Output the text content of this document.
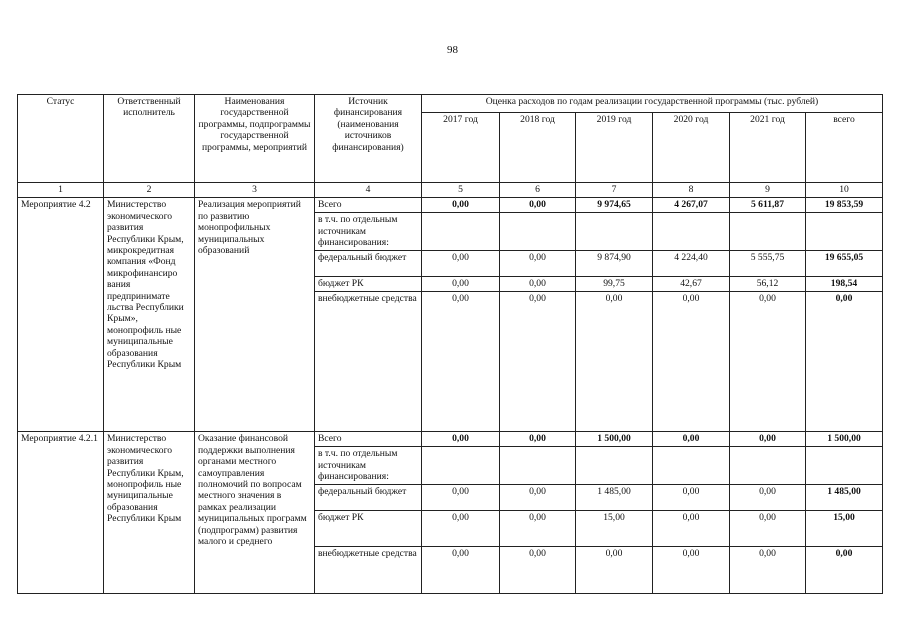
98
Статус	Ответственный исполнитель	Наименования государственной программы, подпрограммы государственной программы, мероприятий	Источник финансирования (наименования источников финансирования)	Оценка расходов по годам реализации государственной программы (тыс. рублей)					
				2017 год	2018 год	2019 год	2020 год	2021 год	всего
1	2	3	4	5	6	7	8	9	10
Мероприятие 4.2	Министерство экономического развития Республики Крым, микрокредитная компания «Фонд микрофинансиро вания предпринимате льства Республики Крым», монопрофиль ные муниципальные образования Республики Крым	Реализация мероприятий по развитию монопрофильных муниципальных образований	Всего	0,00	0,00	9 974,65	4 267,07	5 611,87	19 853,59
			в т.ч. по отдельным источникам финансирования:						
			федеральный бюджет	0,00	0,00	9 874,90	4 224,40	5 555,75	19 655,05
			бюджет РК	0,00	0,00	99,75	42,67	56,12	198,54
			внебюджетные средства	0,00	0,00	0,00	0,00	0,00	0,00
Мероприятие 4.2.1	Министерство экономического развития Республики Крым, монопрофиль ные муниципальные образования Республики Крым	Оказание финансовой поддержки выполнения органами местного самоуправления полномочий по вопросам местного значения в рамках реализации муниципальных программ (подпрограмм) развития малого и среднего	Всего	0,00	0,00	1 500,00	0,00	0,00	1 500,00
			в т.ч. по отдельным источникам финансирования:						
			федеральный бюджет	0,00	0,00	1 485,00	0,00	0,00	1 485,00
			бюджет РК	0,00	0,00	15,00	0,00	0,00	15,00
			внебюджетные средства	0,00	0,00	0,00	0,00	0,00	0,00
